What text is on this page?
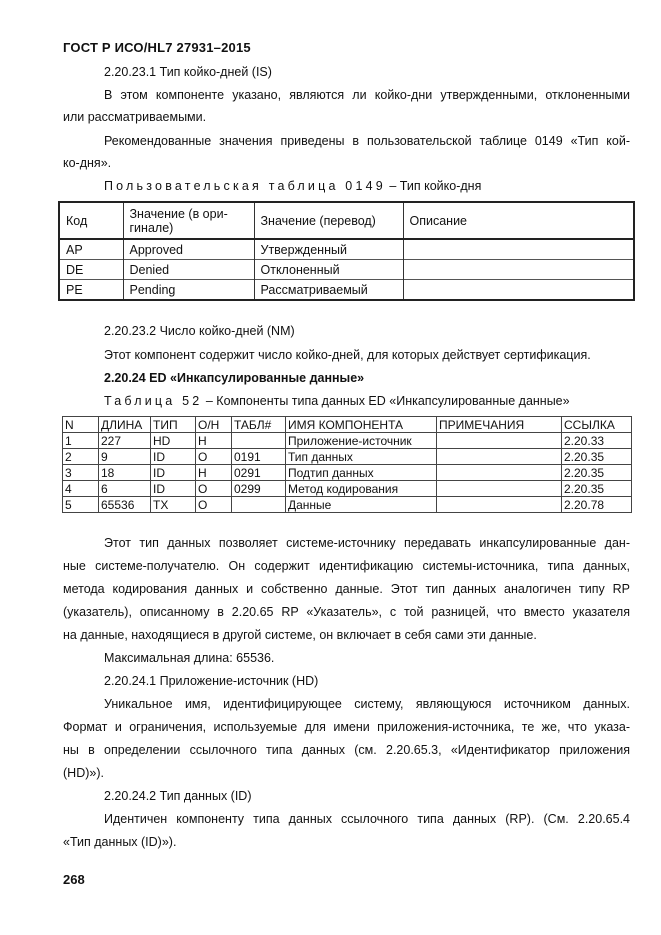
ГОСТ Р ИСО/HL7 27931–2015
2.20.23.1 Тип койко-дней (IS)
В этом компоненте указано, являются ли койко-дни утвержденными, отклоненными
или рассматриваемыми.
Рекомендованные значения приведены в пользовательской таблице 0149 «Тип кой-
ко-дня».
Пользовательская таблица 0149 – Тип койко-дня
Код	Значение (в ори-
гинале)	Значение (перевод)	Описание
AP	Approved	Утвержденный	
DE	Denied	Отклоненный	
PE	Pending	Рассматриваемый	
2.20.23.2 Число койко-дней (NM)
Этот компонент содержит число койко-дней, для которых действует сертификация.
2.20.24 ED «Инкапсулированные данные»
Таблица 52 – Компоненты типа данных ED «Инкапсулированные данные»
N	ДЛИНА	ТИП	О/Н	ТАБЛ#	ИМЯ КОМПОНЕНТА	ПРИМЕЧАНИЯ	ССЫЛКА
1	227	HD	H		Приложение-источник		2.20.33
2	9	ID	O	0191	Тип данных		2.20.35
3	18	ID	H	0291	Подтип данных		2.20.35
4	6	ID	O	0299	Метод кодирования		2.20.35
5	65536	TX	O		Данные		2.20.78
Этот тип данных позволяет системе-источнику передавать инкапсулированные дан-
ные системе-получателю. Он содержит идентификацию системы-источника, типа данных,
метода кодирования данных и собственно данные. Этот тип данных аналогичен типу RP
(указатель), описанному в 2.20.65 RP «Указатель», с той разницей, что вместо указателя
на данные, находящиеся в другой системе, он включает в себя сами эти данные.
Максимальная длина: 65536.
2.20.24.1 Приложение-источник (HD)
Уникальное имя, идентифицирующее систему, являющуюся источником данных.
Формат и ограничения, используемые для имени приложения-источника, те же, что указа-
ны в определении ссылочного типа данных (см. 2.20.65.3, «Идентификатор приложения
(HD)»).
2.20.24.2 Тип данных (ID)
Идентичен компоненту типа данных ссылочного типа данных (RP). (См. 2.20.65.4
«Тип данных (ID)»).
268
